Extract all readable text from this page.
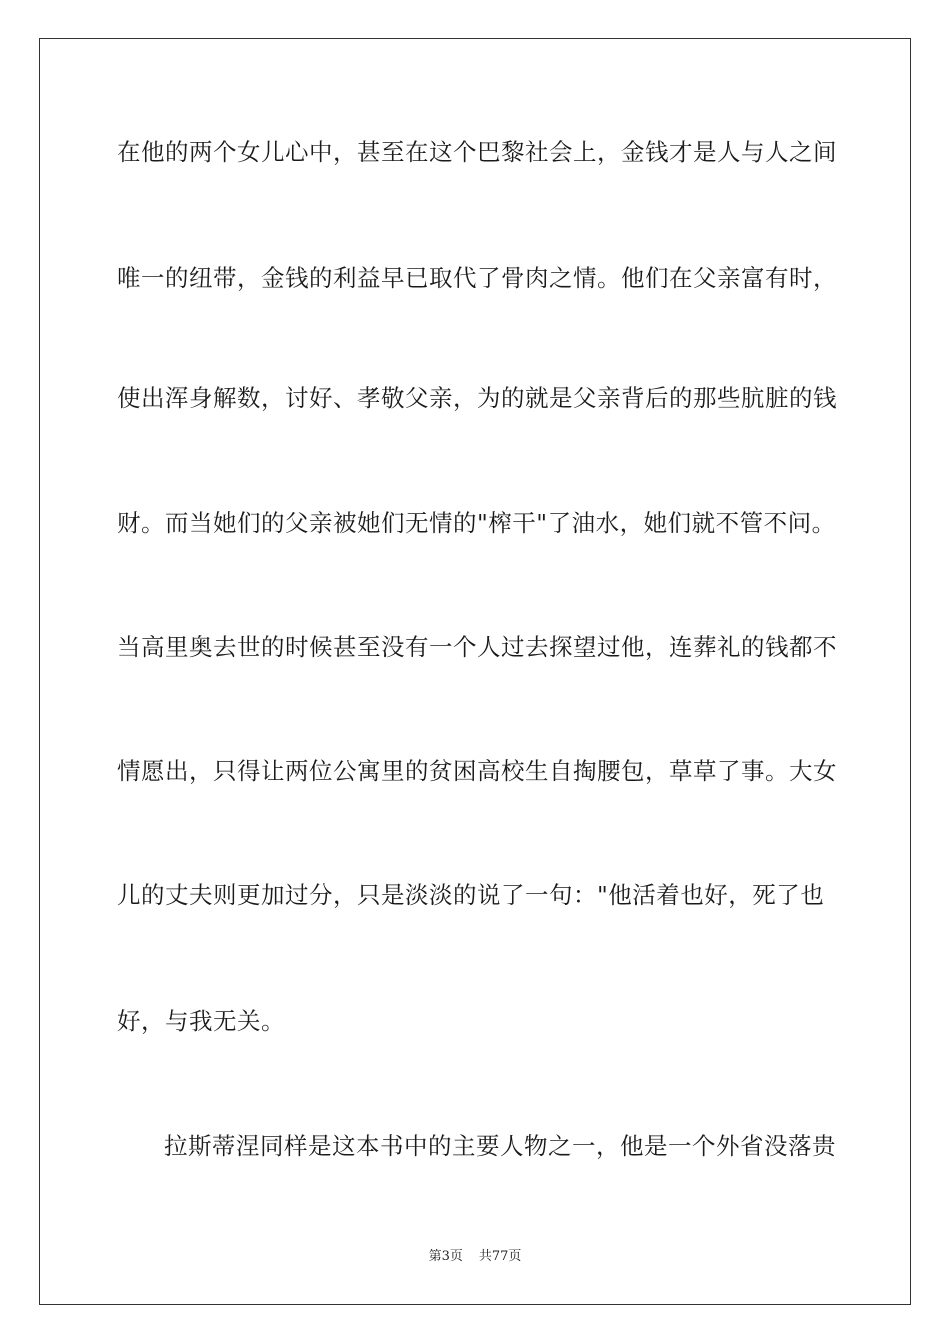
在他的两个女儿心中，甚至在这个巴黎社会上，金钱才是人与人之间
唯一的纽带，金钱的利益早已取代了骨肉之情。他们在父亲富有时，
使出浑身解数，讨好、孝敬父亲，为的就是父亲背后的那些肮脏的钱
财。而当她们的父亲被她们无情的"榨干"了油水，她们就不管不问。
当高里奥去世的时候甚至没有一个人过去探望过他，连葬礼的钱都不
情愿出，只得让两位公寓里的贫困高校生自掏腰包，草草了事。大女
儿的丈夫则更加过分，只是淡淡的说了一句："他活着也好，死了也
好，与我无关。
拉斯蒂涅同样是这本书中的主要人物之一，他是一个外省没落贵
第3页 共77页
